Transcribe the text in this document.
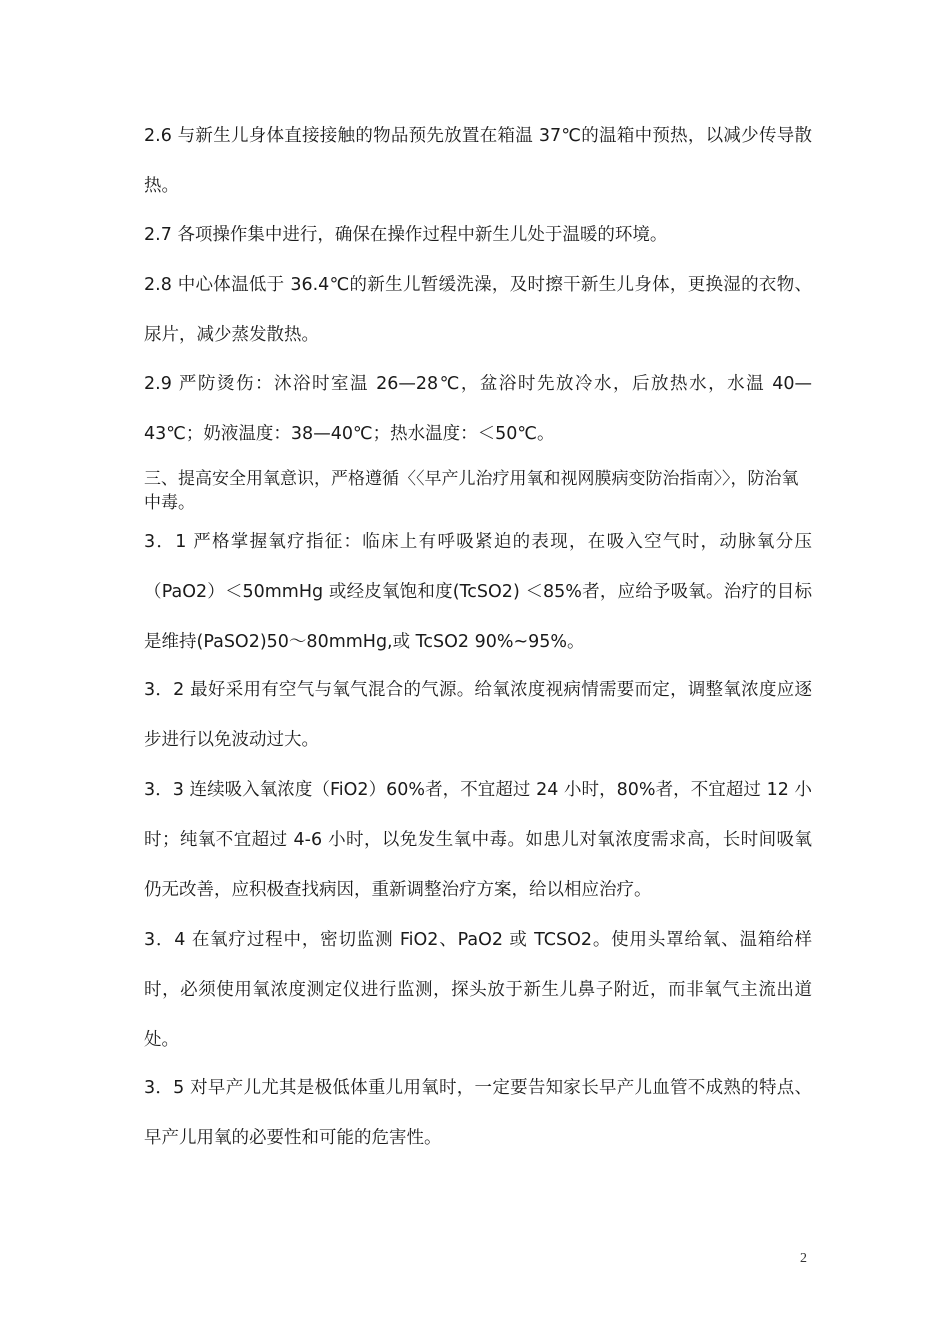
2.6 与新生儿身体直接接触的物品预先放置在箱温 37℃的温箱中预热，以减少传导散热。

2.7 各项操作集中进行，确保在操作过程中新生儿处于温暖的环境。

2.8 中心体温低于 36.4℃的新生儿暂缓洗澡，及时擦干新生儿身体，更换湿的衣物、尿片，减少蒸发散热。

2.9 严防烫伤：沐浴时室温 26—28℃，盆浴时先放冷水，后放热水，水温 40—43℃；奶液温度：38—40℃；热水温度：＜50℃。

三、提高安全用氧意识，严格遵循〈〈早产儿治疗用氧和视网膜病变防治指南〉〉，防治氧中毒。

3．1 严格掌握氧疗指征：临床上有呼吸紧迫的表现，在吸入空气时，动脉氧分压（PaO2）＜50mmHg 或经皮氧饱和度(TcSO2) ＜85%者，应给予吸氧。治疗的目标是维持(PaSO2)50～80mmHg,或 TcSO2 90%~95%。

3．2 最好采用有空气与氧气混合的气源。给氧浓度视病情需要而定，调整氧浓度应逐步进行以免波动过大。

3．3 连续吸入氧浓度（FiO2）60%者，不宜超过 24 小时，80%者，不宜超过 12 小时；纯氧不宜超过 4-6 小时，以免发生氧中毒。如患儿对氧浓度需求高，长时间吸氧仍无改善，应积极查找病因，重新调整治疗方案，给以相应治疗。

3．4 在氧疗过程中，密切监测 FiO2、PaO2 或 TCSO2。使用头罩给氧、温箱给样时，必须使用氧浓度测定仪进行监测，探头放于新生儿鼻子附近，而非氧气主流出道处。

3．5 对早产儿尤其是极低体重儿用氧时，一定要告知家长早产儿血管不成熟的特点、早产儿用氧的必要性和可能的危害性。

2
